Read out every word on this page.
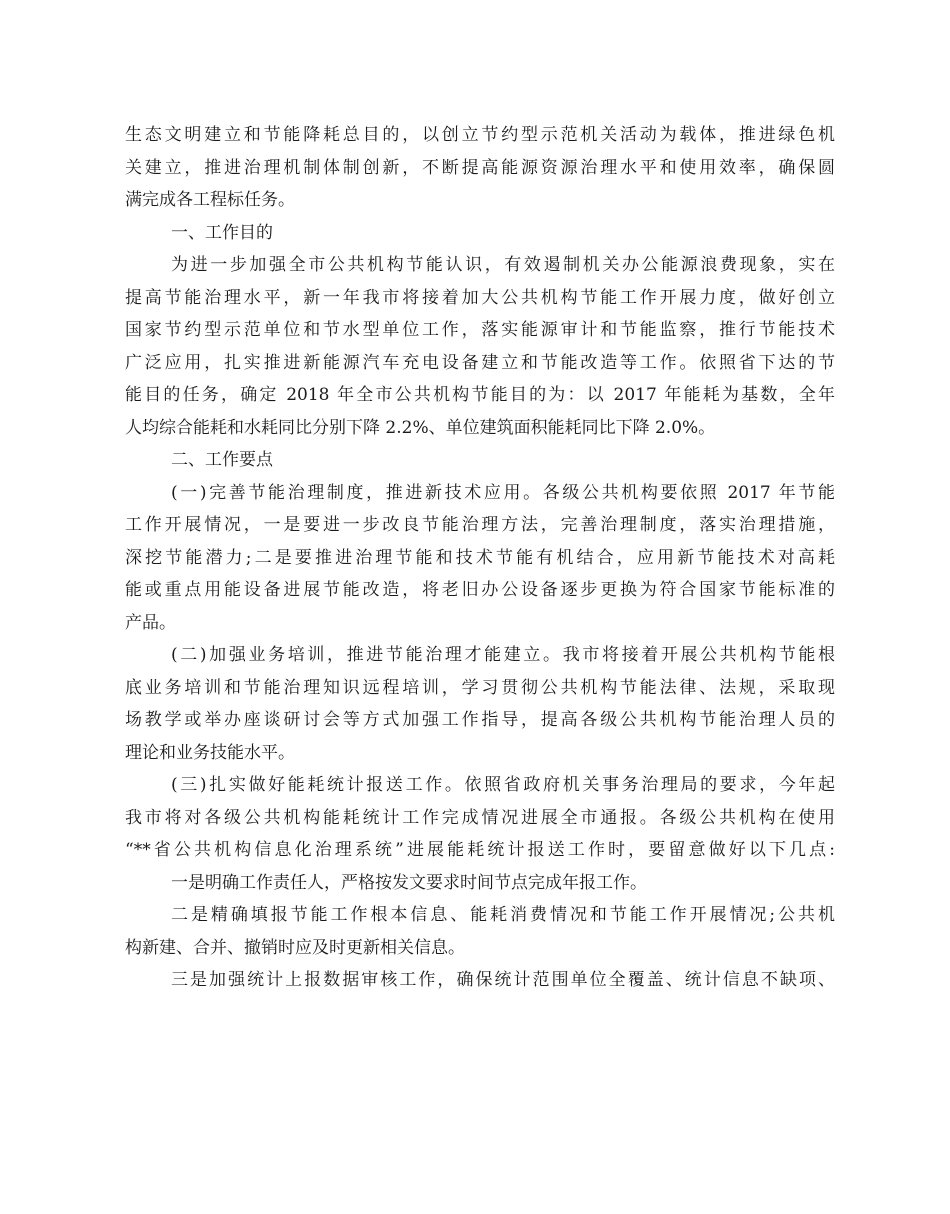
生态文明建立和节能降耗总目的，以创立节约型示范机关活动为载体，推进绿色机
关建立，推进治理机制体制创新，不断提高能源资源治理水平和使用效率，确保圆
满完成各工程标任务。
一、工作目的
为进一步加强全市公共机构节能认识，有效遏制机关办公能源浪费现象，实在
提高节能治理水平，新一年我市将接着加大公共机构节能工作开展力度，做好创立
国家节约型示范单位和节水型单位工作，落实能源审计和节能监察，推行节能技术
广泛应用，扎实推进新能源汽车充电设备建立和节能改造等工作。依照省下达的节
能目的任务，确定 2018 年全市公共机构节能目的为：以 2017 年能耗为基数，全年
人均综合能耗和水耗同比分别下降 2.2%、单位建筑面积能耗同比下降 2.0%。
二、工作要点
(一)完善节能治理制度，推进新技术应用。各级公共机构要依照 2017 年节能
工作开展情况，一是要进一步改良节能治理方法，完善治理制度，落实治理措施，
深挖节能潜力;二是要推进治理节能和技术节能有机结合，应用新节能技术对高耗
能或重点用能设备进展节能改造，将老旧办公设备逐步更换为符合国家节能标准的
产品。
(二)加强业务培训，推进节能治理才能建立。我市将接着开展公共机构节能根
底业务培训和节能治理知识远程培训，学习贯彻公共机构节能法律、法规，采取现
场教学或举办座谈研讨会等方式加强工作指导，提高各级公共机构节能治理人员的
理论和业务技能水平。
(三)扎实做好能耗统计报送工作。依照省政府机关事务治理局的要求，今年起
我市将对各级公共机构能耗统计工作完成情况进展全市通报。各级公共机构在使用
“**省公共机构信息化治理系统”进展能耗统计报送工作时，要留意做好以下几点:
一是明确工作责任人，严格按发文要求时间节点完成年报工作。
二是精确填报节能工作根本信息、能耗消费情况和节能工作开展情况;公共机
构新建、合并、撤销时应及时更新相关信息。
三是加强统计上报数据审核工作，确保统计范围单位全覆盖、统计信息不缺项、
